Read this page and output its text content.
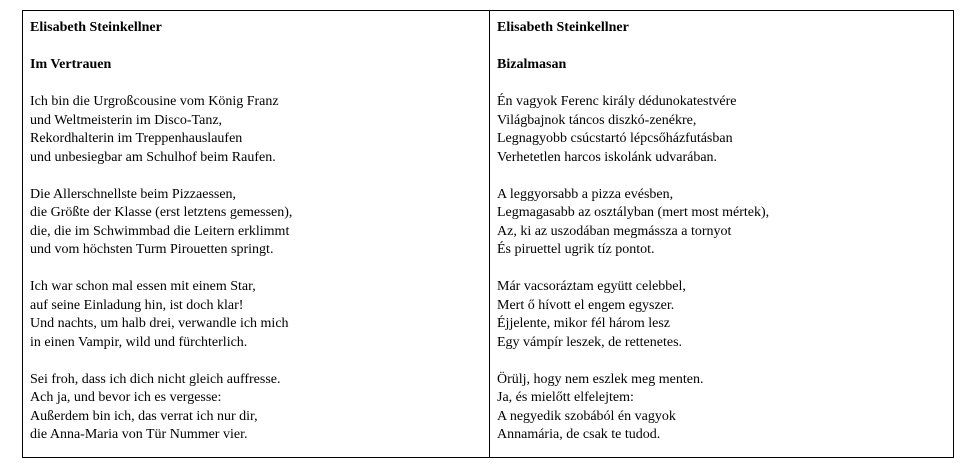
Elisabeth Steinkellner
Im Vertrauen
Ich bin die Urgroßcousine vom König Franz
und Weltmeisterin im Disco-Tanz,
Rekordhalterin im Treppenhauslaufen
und unbesiegbar am Schulhof beim Raufen.
Die Allerschnellste beim Pizzaessen,
die Größte der Klasse (erst letztens gemessen),
die, die im Schwimmbad die Leitern erklimmt
und vom höchsten Turm Pirouetten springt.
Ich war schon mal essen mit einem Star,
auf seine Einladung hin, ist doch klar!
Und nachts, um halb drei, verwandle ich mich
in einen Vampir, wild und fürchterlich.
Sei froh, dass ich dich nicht gleich auffresse.
Ach ja, und bevor ich es vergesse:
Außerdem bin ich, das verrat ich nur dir,
die Anna-Maria von Tür Nummer vier.
Elisabeth Steinkellner
Bizalmasan
Én vagyok Ferenc király dédunokatestvére
Világbajnok táncos diszkó-zenékre,
Legnagyobb csúcstartó lépcsőházfutásban
Verhetetlen harcos iskolánk udvarában.
A leggyorsabb a pizza evésben,
Legmagasabb az osztályban (mert most mértek),
Az, ki az uszodában megmássza a tornyot
És piruettel ugrik tíz pontot.
Már vacsoráztam együtt celebbel,
Mert ő hívott el engem egyszer.
Éjjelente, mikor fél három lesz
Egy vámpír leszek, de rettenetes.
Örülj, hogy nem eszlek meg menten.
Ja, és mielőtt elfelejtem:
A negyedik szobából én vagyok
Annamária, de csak te tudod.
